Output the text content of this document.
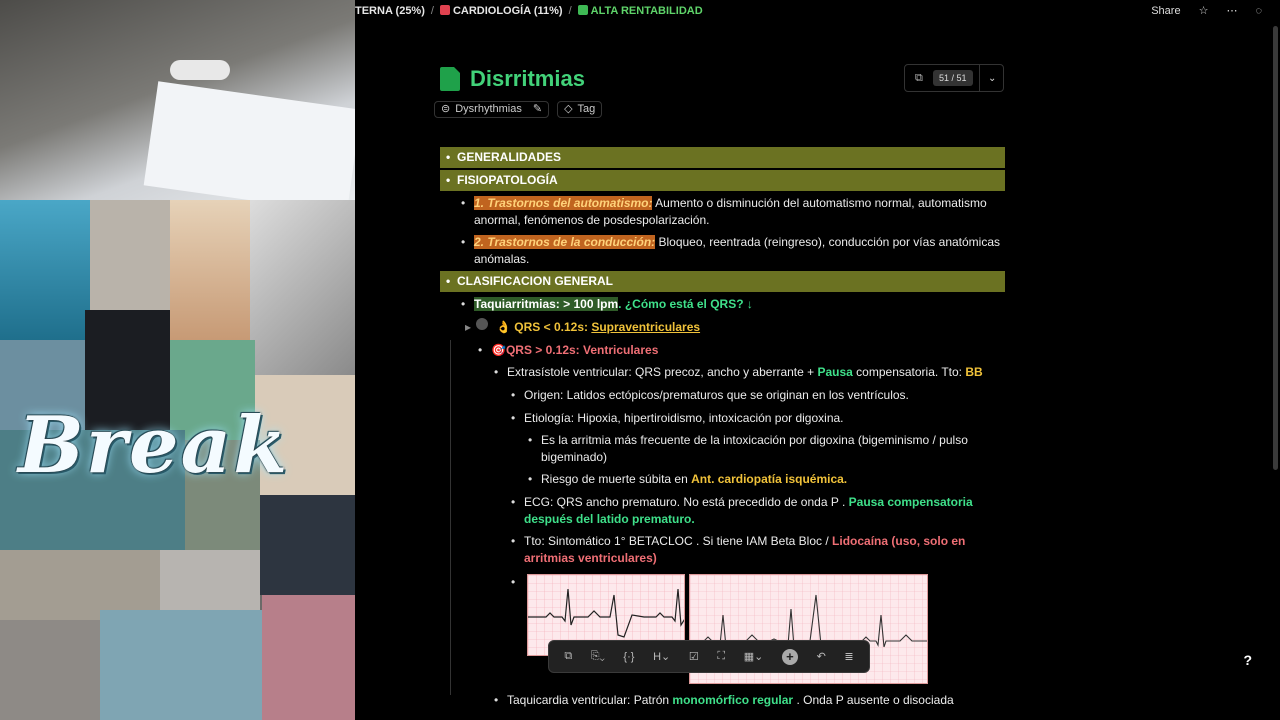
Break
TERNA (25%) /	CARDIOLOGÍA (11%) /	ALTA RENTABILIDAD	Share ☆ ⋯ ◌
Disrritmias
⊜ Dysrhythmias ✎ ◇ Tag
⧉	51 / 51	⌄
• GENERALIDADES
• FISIOPATOLOGÍA
• 1. Trastornos del automatismo: Aumento o disminución del automatismo normal, automatismo
anormal, fenómenos de posdespolarización.
• 2. Trastornos de la conducción: Bloqueo, reentrada (reingreso), conducción por vías anatómicas
anómalas.
• CLASIFICACION GENERAL
• Taquiarritmias: > 100 lpm. ¿Cómo está el QRS? ↓
▸ 👌 QRS < 0.12s: Supraventriculares
• 🎯QRS > 0.12s: Ventriculares
• Extrasístole ventricular: QRS precoz, ancho y aberrante + Pausa compensatoria. Tto: BB
• Origen: Latidos ectópicos/prematuros que se originan en los ventrículos.
• Etiología: Hipoxia, hipertiroidismo, intoxicación por digoxina.
• Es la arritmia más frecuente de la intoxicación por digoxina (bigeminismo / pulso
bigeminado)
• Riesgo de muerte súbita en Ant. cardiopatía isquémica.
• ECG: QRS ancho prematuro. No está precedido de onda P . Pausa compensatoria
después del latido prematuro.
• Tto: Sintomático 1° BETACLOC . Si tiene IAM Beta Bloc / Lidocaína (uso, solo en
arritmias ventriculares)
• Taquicardia ventricular: Patrón monomórfico regular . Onda P ausente o disociada
⧉ ⎘⌄ {·} H⌄ ☑ ⛶ ▦⌄	+	↶ ≣	?
